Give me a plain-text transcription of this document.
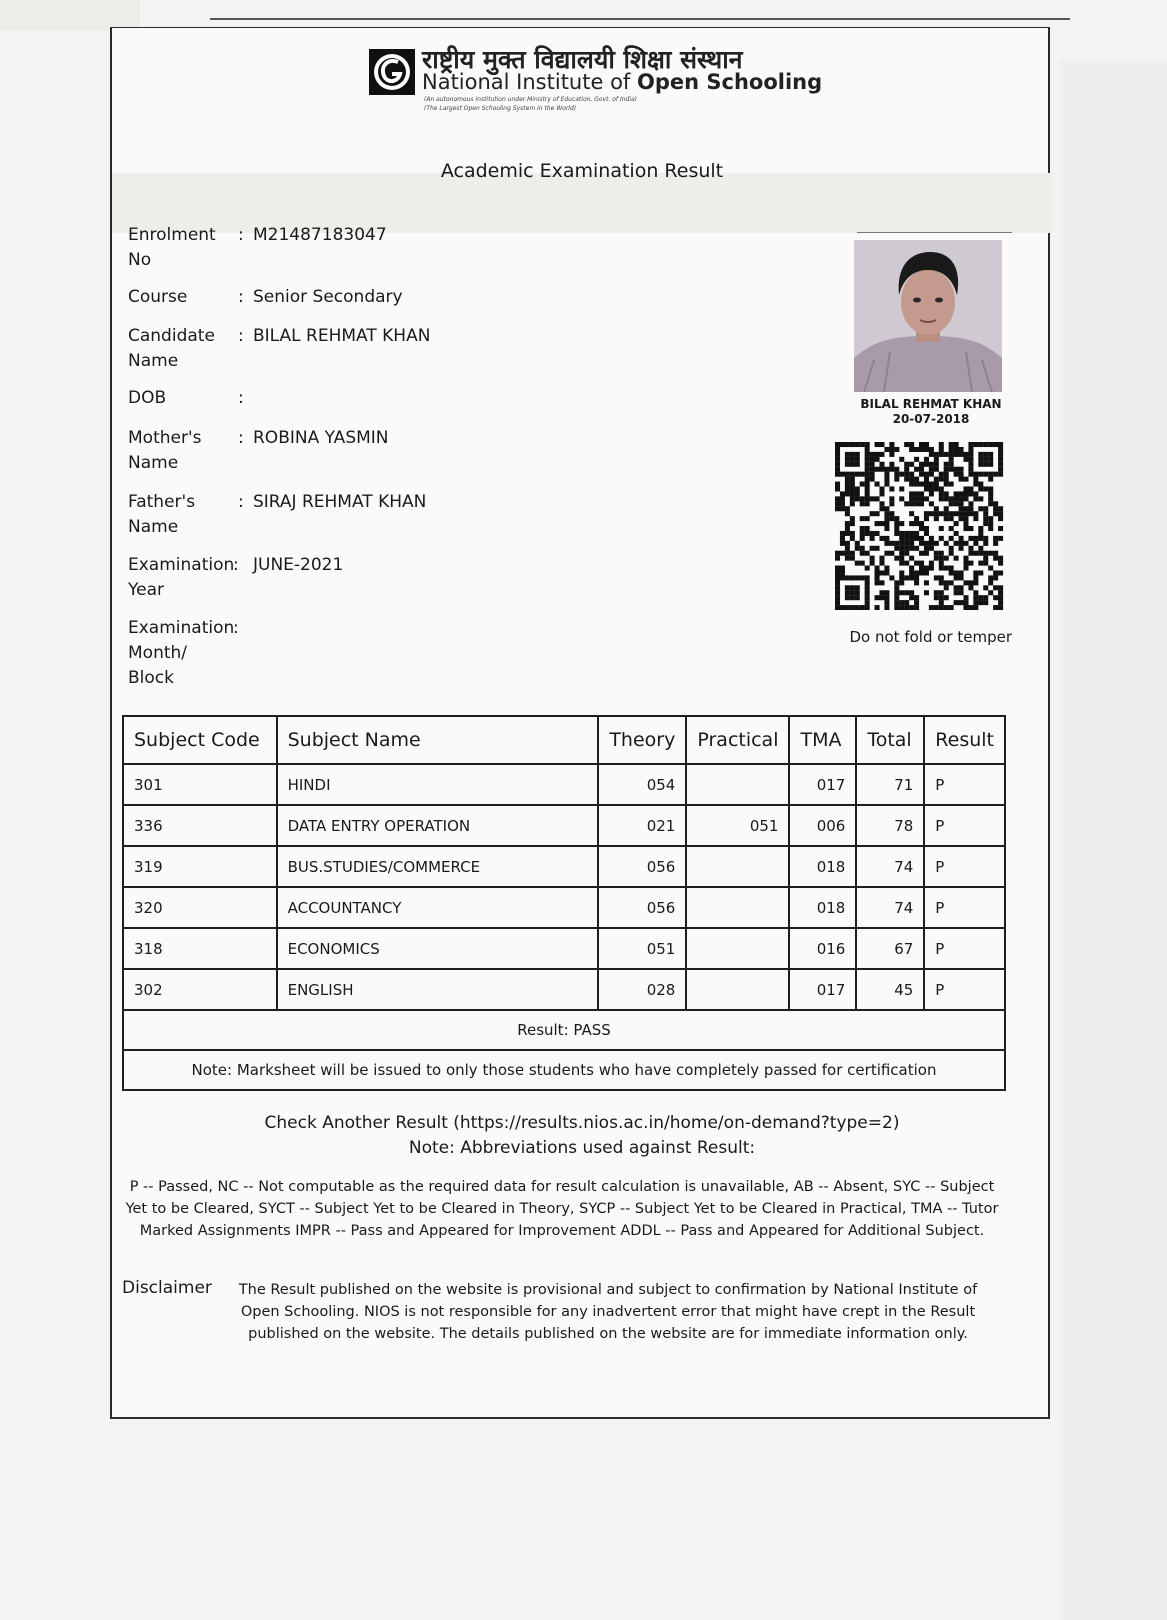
राष्ट्रीय मुक्त विद्यालयी शिक्षा संस्थान
National Institute of Open Schooling
(An autonomous institution under Ministry of Education, Govt. of India)
(The Largest Open Schooling System in the World)
Academic Examination Result
Enrolment No
: M21487183047
Course	: Senior Secondary
Candidate Name
: BILAL REHMAT KHAN
DOB	:
Mother's Name
: ROBINA YASMIN
Father's Name
: SIRAJ REHMAT KHAN
Examination Year
: JUNE-2021
Examination Month/ Block
:
BILAL REHMAT KHAN
20-07-2018
Do not fold or temper
Subject Code	Subject Name	Theory	Practical	TMA	Total	Result
301	HINDI	054		017	71	P
336	DATA ENTRY OPERATION	021	051	006	78	P
319	BUS.STUDIES/COMMERCE	056		018	74	P
320	ACCOUNTANCY	056		018	74	P
318	ECONOMICS	051		016	67	P
302	ENGLISH	028		017	45	P
Result: PASS						
Note: Marksheet will be issued to only those students who have completely passed for certification						
Check Another Result (https://results.nios.ac.in/home/on-demand?type=2)
Note: Abbreviations used against Result:
P -- Passed, NC -- Not computable as the required data for result calculation is unavailable, AB -- Absent, SYC -- Subject Yet to be Cleared, SYCT -- Subject Yet to be Cleared in Theory, SYCP -- Subject Yet to be Cleared in Practical, TMA -- Tutor Marked Assignments IMPR -- Pass and Appeared for Improvement ADDL -- Pass and Appeared for Additional Subject.
Disclaimer	The Result published on the website is provisional and subject to confirmation by National Institute of Open Schooling. NIOS is not responsible for any inadvertent error that might have crept in the Result published on the website. The details published on the website are for immediate information only.
